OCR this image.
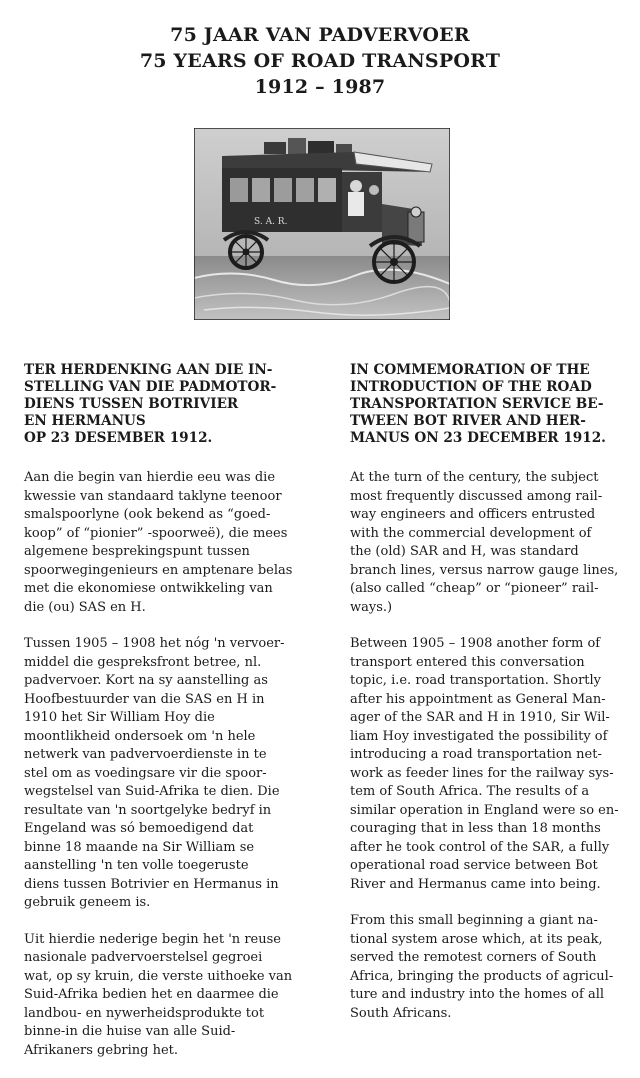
75 JAAR VAN PADVERVOER
75 YEARS OF ROAD TRANSPORT
1912 – 1987
S. A. R.
TER HERDENKING AAN DIE IN-
STELLING VAN DIE PADMOTOR-
DIENS TUSSEN BOTRIVIER
EN HERMANUS
OP 23 DESEMBER 1912.

Aan die begin van hierdie eeu was die
kwessie van standaard taklyne teenoor
smalspoorlyne (ook bekend as “goed-
koop” of “pionier” -spoorweë), die mees
algemene besprekingspunt tussen
spoorwegingenieurs en amptenare belas
met die ekonomiese ontwikkeling van
die (ou) SAS en H.

Tussen 1905 – 1908 het nóg 'n vervoer-
middel die gespreksfront betree, nl.
padvervoer. Kort na sy aanstelling as
Hoofbestuurder van die SAS en H in
1910 het Sir William Hoy die
moontlikheid ondersoek om 'n hele
netwerk van padvervoerdienste in te
stel om as voedingsare vir die spoor-
wegstelsel van Suid-Afrika te dien. Die
resultate van 'n soortgelyke bedryf in
Engeland was só bemoedigend dat
binne 18 maande na Sir William se
aanstelling 'n ten volle toegeruste
diens tussen Botrivier en Hermanus in
gebruik geneem is.

Uit hierdie nederige begin het 'n reuse
nasionale padvervoerstelsel gegroei
wat, op sy kruin, die verste uithoeke van
Suid-Afrika bedien het en daarmee die
landbou- en nywerheidsprodukte tot
binne-in die huise van alle Suid-
Afrikaners gebring het.

IN COMMEMORATION OF THE
INTRODUCTION OF THE ROAD
TRANSPORTATION SERVICE BE-
TWEEN BOT RIVER AND HER-
MANUS ON 23 DECEMBER 1912.

At the turn of the century, the subject
most frequently discussed among rail-
way engineers and officers entrusted
with the commercial development of
the (old) SAR and H, was standard
branch lines, versus narrow gauge lines,
(also called “cheap” or “pioneer” rail-
ways.)

Between 1905 – 1908 another form of
transport entered this conversation
topic, i.e. road transportation. Shortly
after his appointment as General Man-
ager of the SAR and H in 1910, Sir Wil-
liam Hoy investigated the possibility of
introducing a road transportation net-
work as feeder lines for the railway sys-
tem of South Africa. The results of a
similar operation in England were so en-
couraging that in less than 18 months
after he took control of the SAR, a fully
operational road service between Bot
River and Hermanus came into being.

From this small beginning a giant na-
tional system arose which, at its peak,
served the remotest corners of South
Africa, bringing the products of agricul-
ture and industry into the homes of all
South Africans.
